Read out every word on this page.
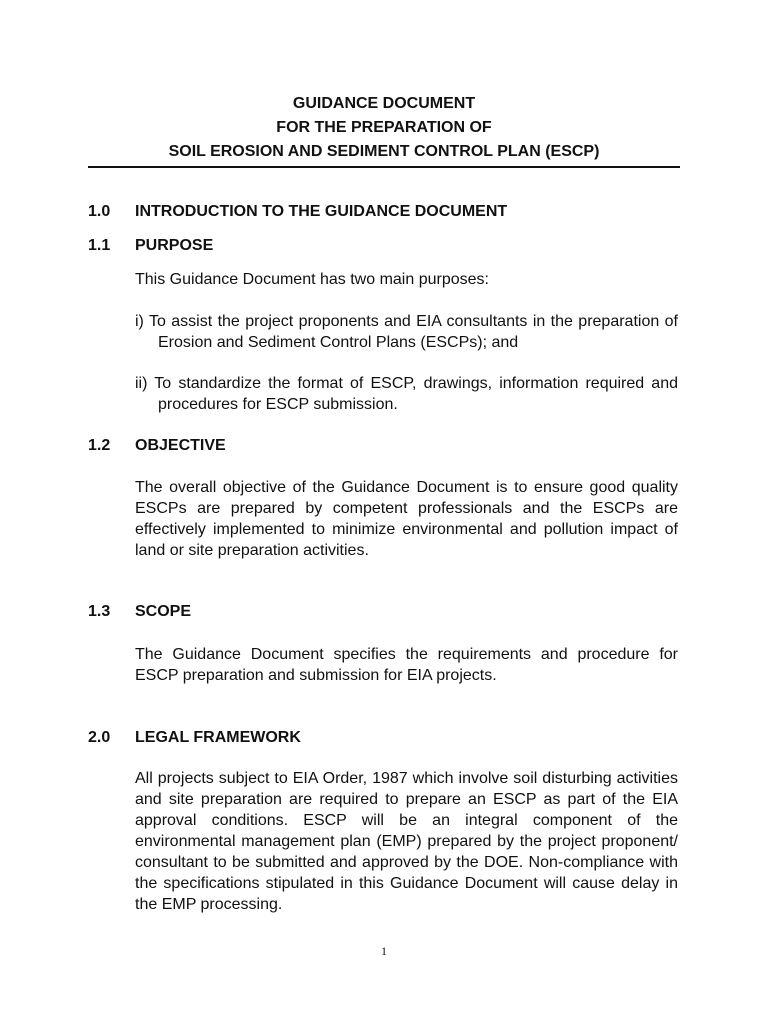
GUIDANCE DOCUMENT
FOR THE PREPARATION OF
SOIL EROSION AND SEDIMENT CONTROL PLAN (ESCP)
1.0 INTRODUCTION TO THE GUIDANCE DOCUMENT
1.1 PURPOSE
This Guidance Document has two main purposes:
i) To assist the project proponents and EIA consultants in the preparation of Erosion and Sediment Control Plans (ESCPs); and
ii) To standardize the format of ESCP, drawings, information required and procedures for ESCP submission.
1.2 OBJECTIVE
The overall objective of the Guidance Document is to ensure good quality ESCPs are prepared by competent professionals and the ESCPs are effectively implemented to minimize environmental and pollution impact of land or site preparation activities.
1.3 SCOPE
The Guidance Document specifies the requirements and procedure for ESCP preparation and submission for EIA projects.
2.0 LEGAL FRAMEWORK
All projects subject to EIA Order, 1987 which involve soil disturbing activities and site preparation are required to prepare an ESCP as part of the EIA approval conditions. ESCP will be an integral component of the environmental management plan (EMP) prepared by the project proponent/ consultant to be submitted and approved by the DOE. Non-compliance with the specifications stipulated in this Guidance Document will cause delay in the EMP processing.
1
